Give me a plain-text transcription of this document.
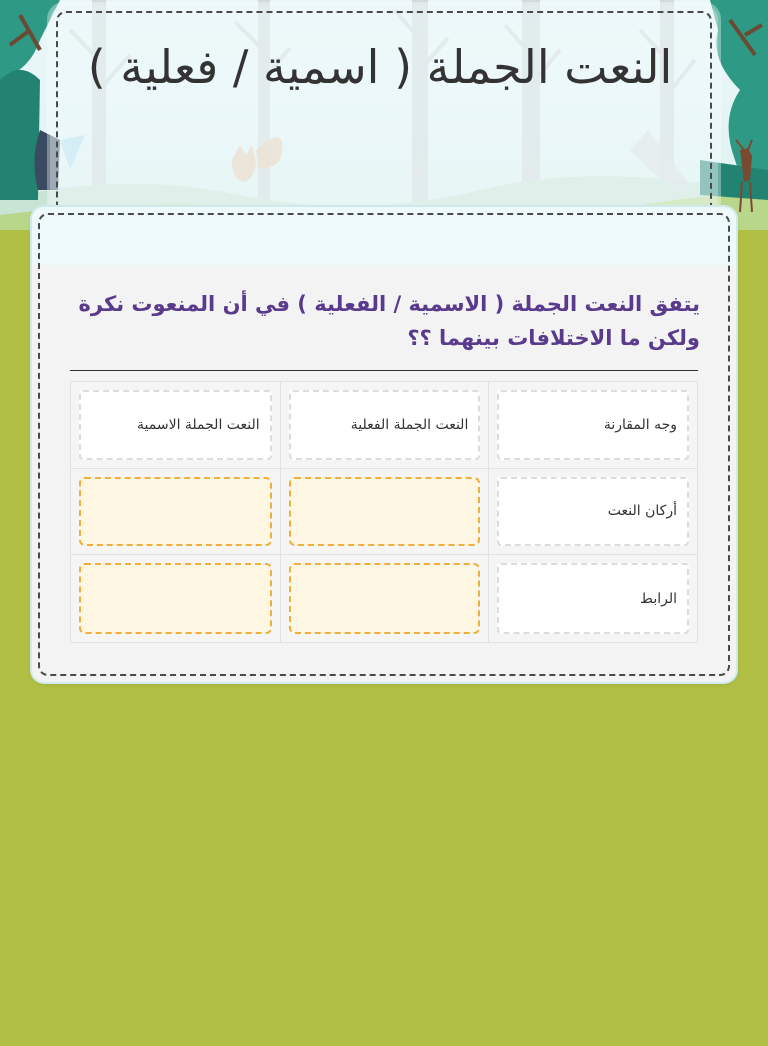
النعت الجملة ( اسمية / فعلية )

يتفق النعت الجملة ( الاسمية / الفعلية ) في أن المنعوت نكرة ولكن ما الاختلافات بينهما ؟؟

وجه المقارنة
النعت الجملة الفعلية
النعت الجملة الاسمية
أركان النعت
الرابط
